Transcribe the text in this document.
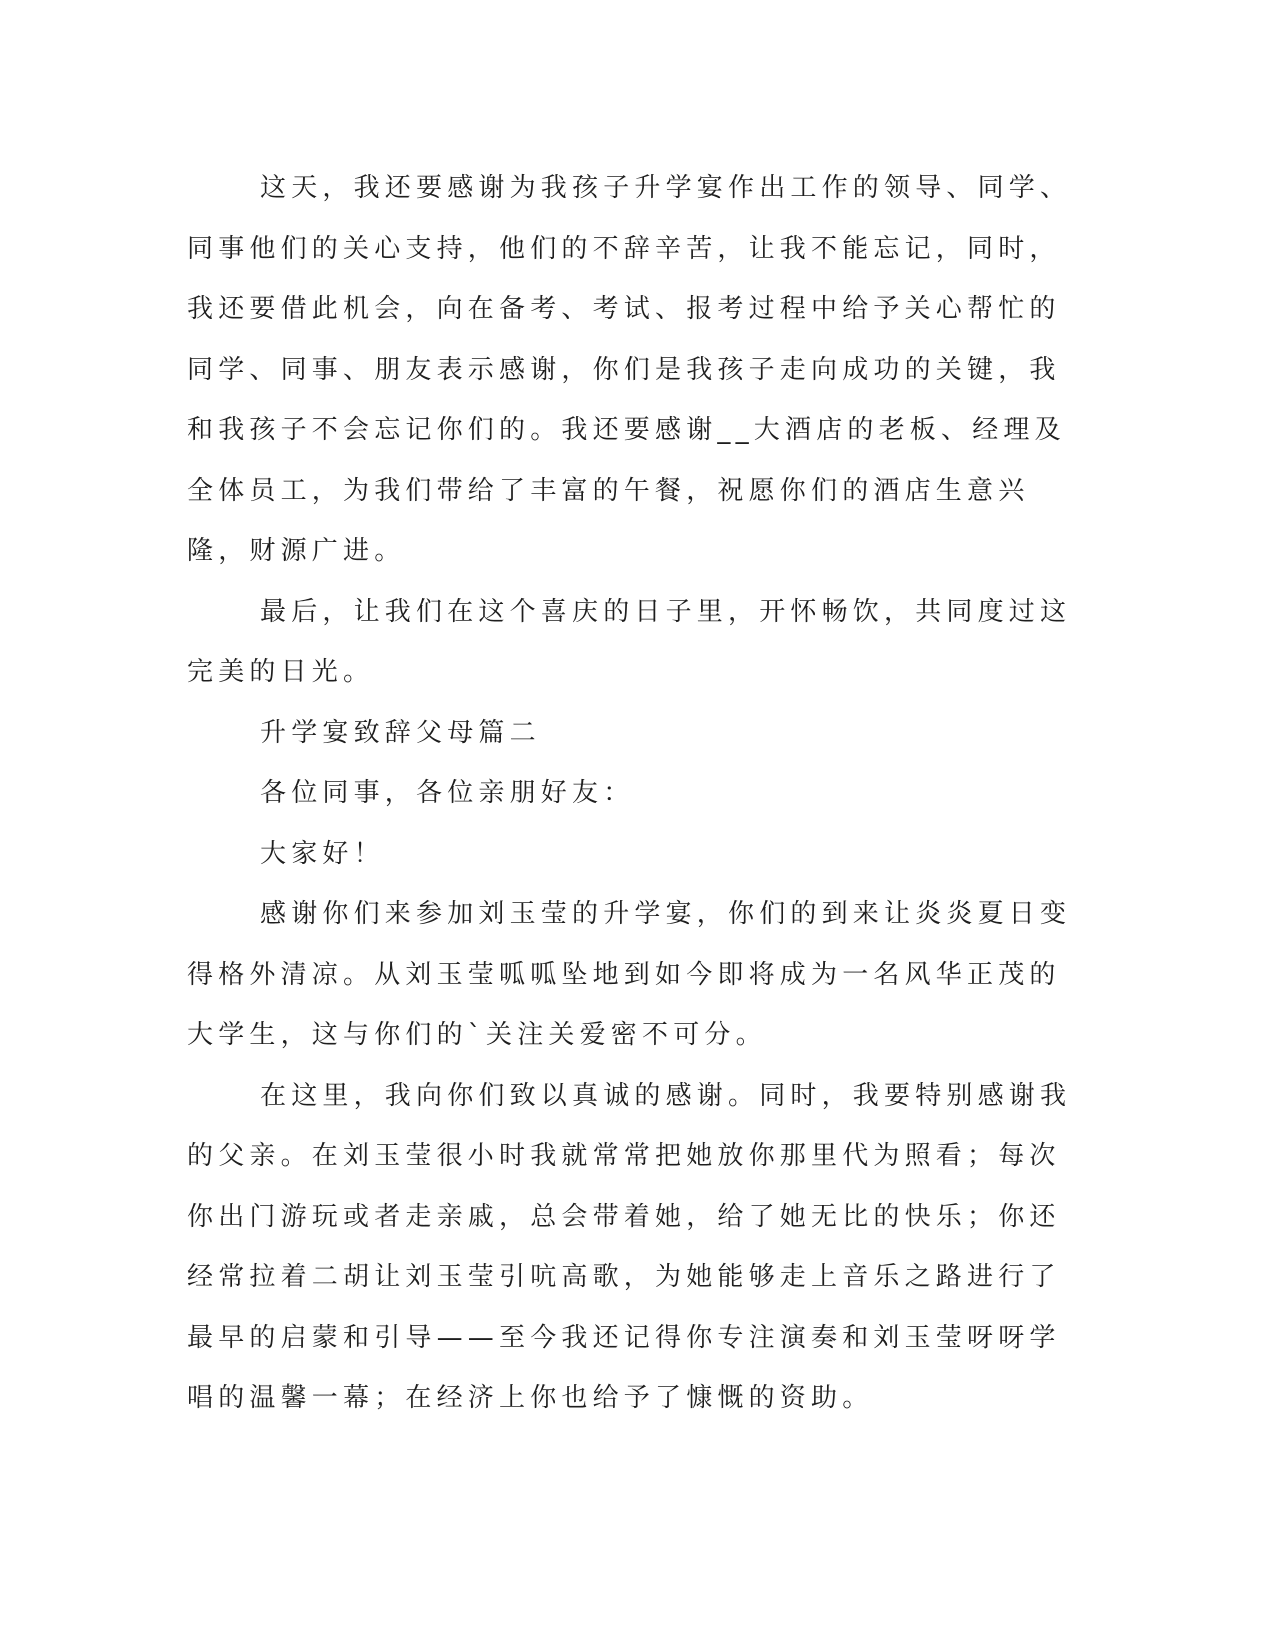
这天，我还要感谢为我孩子升学宴作出工作的领导、同学、同事他们的关心支持，他们的不辞辛苦，让我不能忘记，同时，我还要借此机会，向在备考、考试、报考过程中给予关心帮忙的同学、同事、朋友表示感谢，你们是我孩子走向成功的关键，我和我孩子不会忘记你们的。我还要感谢__大酒店的老板、经理及全体员工，为我们带给了丰富的午餐，祝愿你们的酒店生意兴隆，财源广进。

最后，让我们在这个喜庆的日子里，开怀畅饮，共同度过这完美的日光。

升学宴致辞父母篇二

各位同事，各位亲朋好友：

大家好！

感谢你们来参加刘玉莹的升学宴，你们的到来让炎炎夏日变得格外清凉。从刘玉莹呱呱坠地到如今即将成为一名风华正茂的大学生，这与你们的`关注关爱密不可分。

在这里，我向你们致以真诚的感谢。同时，我要特别感谢我的父亲。在刘玉莹很小时我就常常把她放你那里代为照看；每次你出门游玩或者走亲戚，总会带着她，给了她无比的快乐；你还经常拉着二胡让刘玉莹引吭高歌，为她能够走上音乐之路进行了最早的启蒙和引导——至今我还记得你专注演奏和刘玉莹呀呀学唱的温馨一幕；在经济上你也给予了慷慨的资助。
